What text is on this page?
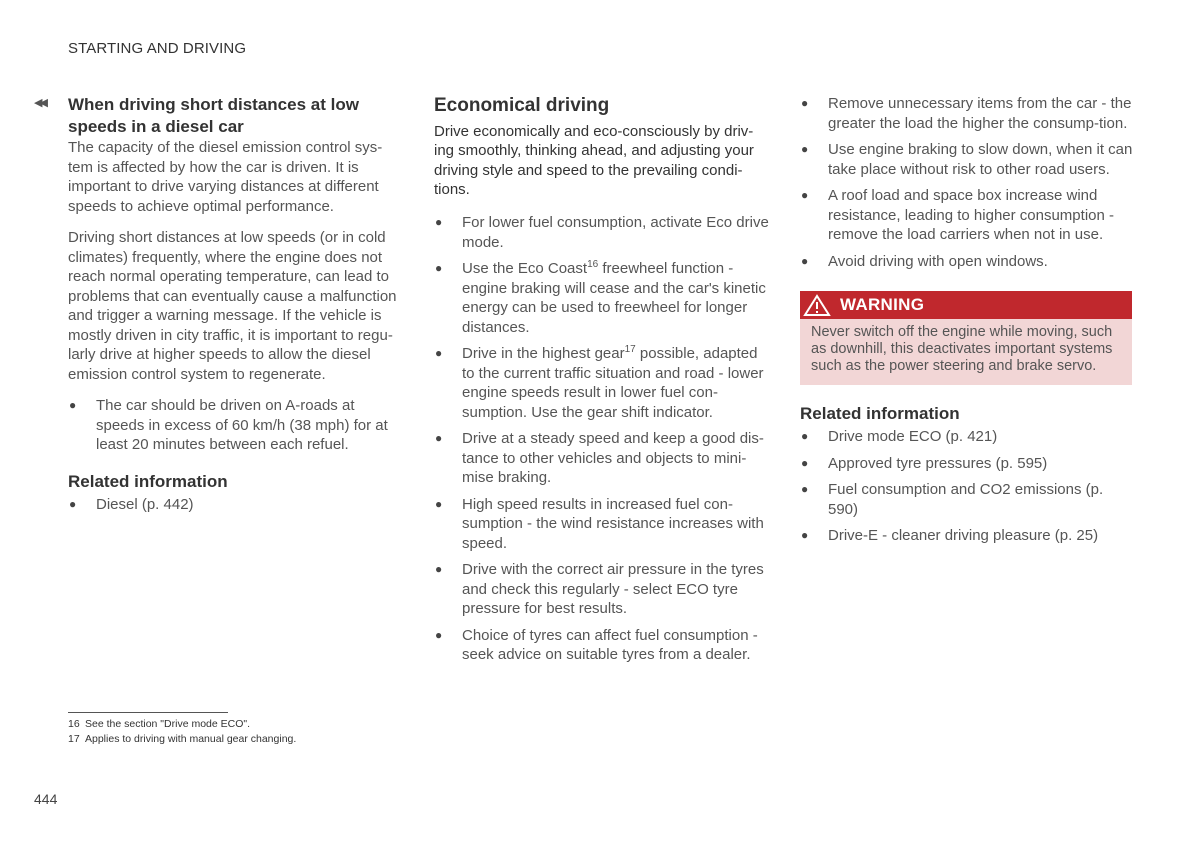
STARTING AND DRIVING
◀◀ When driving short distances at low speeds in a diesel car

The capacity of the diesel emission control sys-tem is affected by how the car is driven. It is important to drive varying distances at different speeds to achieve optimal performance.

Driving short distances at low speeds (or in cold climates) frequently, where the engine does not reach normal operating temperature, can lead to problems that can eventually cause a malfunction and trigger a warning message. If the vehicle is mostly driven in city traffic, it is important to regu-larly drive at higher speeds to allow the diesel emission control system to regenerate.

● The car should be driven on A-roads at speeds in excess of 60 km/h (38 mph) for at least 20 minutes between each refuel.
Related information
● Diesel (p. 442)
Economical driving

Drive economically and eco-consciously by driv-ing smoothly, thinking ahead, and adjusting your driving style and speed to the prevailing condi-tions.

● For lower fuel consumption, activate Eco drive mode.
● Use the Eco Coast$^{16}$ freewheel function - engine braking will cease and the car's kinetic energy can be used to freewheel for longer distances.
● Drive in the highest gear$^{17}$ possible, adapted to the current traffic situation and road - lower engine speeds result in lower fuel con-sumption. Use the gear shift indicator.
● Drive at a steady speed and keep a good dis-tance to other vehicles and objects to mini-mise braking.
● High speed results in increased fuel con-sumption - the wind resistance increases with speed.
● Drive with the correct air pressure in the tyres and check this regularly - select ECO tyre pressure for best results.
● Choice of tyres can affect fuel consumption - seek advice on suitable tyres from a dealer.
● Remove unnecessary items from the car - the greater the load the higher the consump-tion.
● Use engine braking to slow down, when it can take place without risk to other road users.
● A roof load and space box increase wind resistance, leading to higher consumption - remove the load carriers when not in use.
● Avoid driving with open windows.
WARNING
Never switch off the engine while moving, such as downhill, this deactivates important systems such as the power steering and brake servo.
Related information
● Drive mode ECO (p. 421)
● Approved tyre pressures (p. 595)
● Fuel consumption and CO2 emissions (p. 590)
● Drive-E - cleaner driving pleasure (p. 25)
16 See the section "Drive mode ECO".
17 Applies to driving with manual gear changing.
444
